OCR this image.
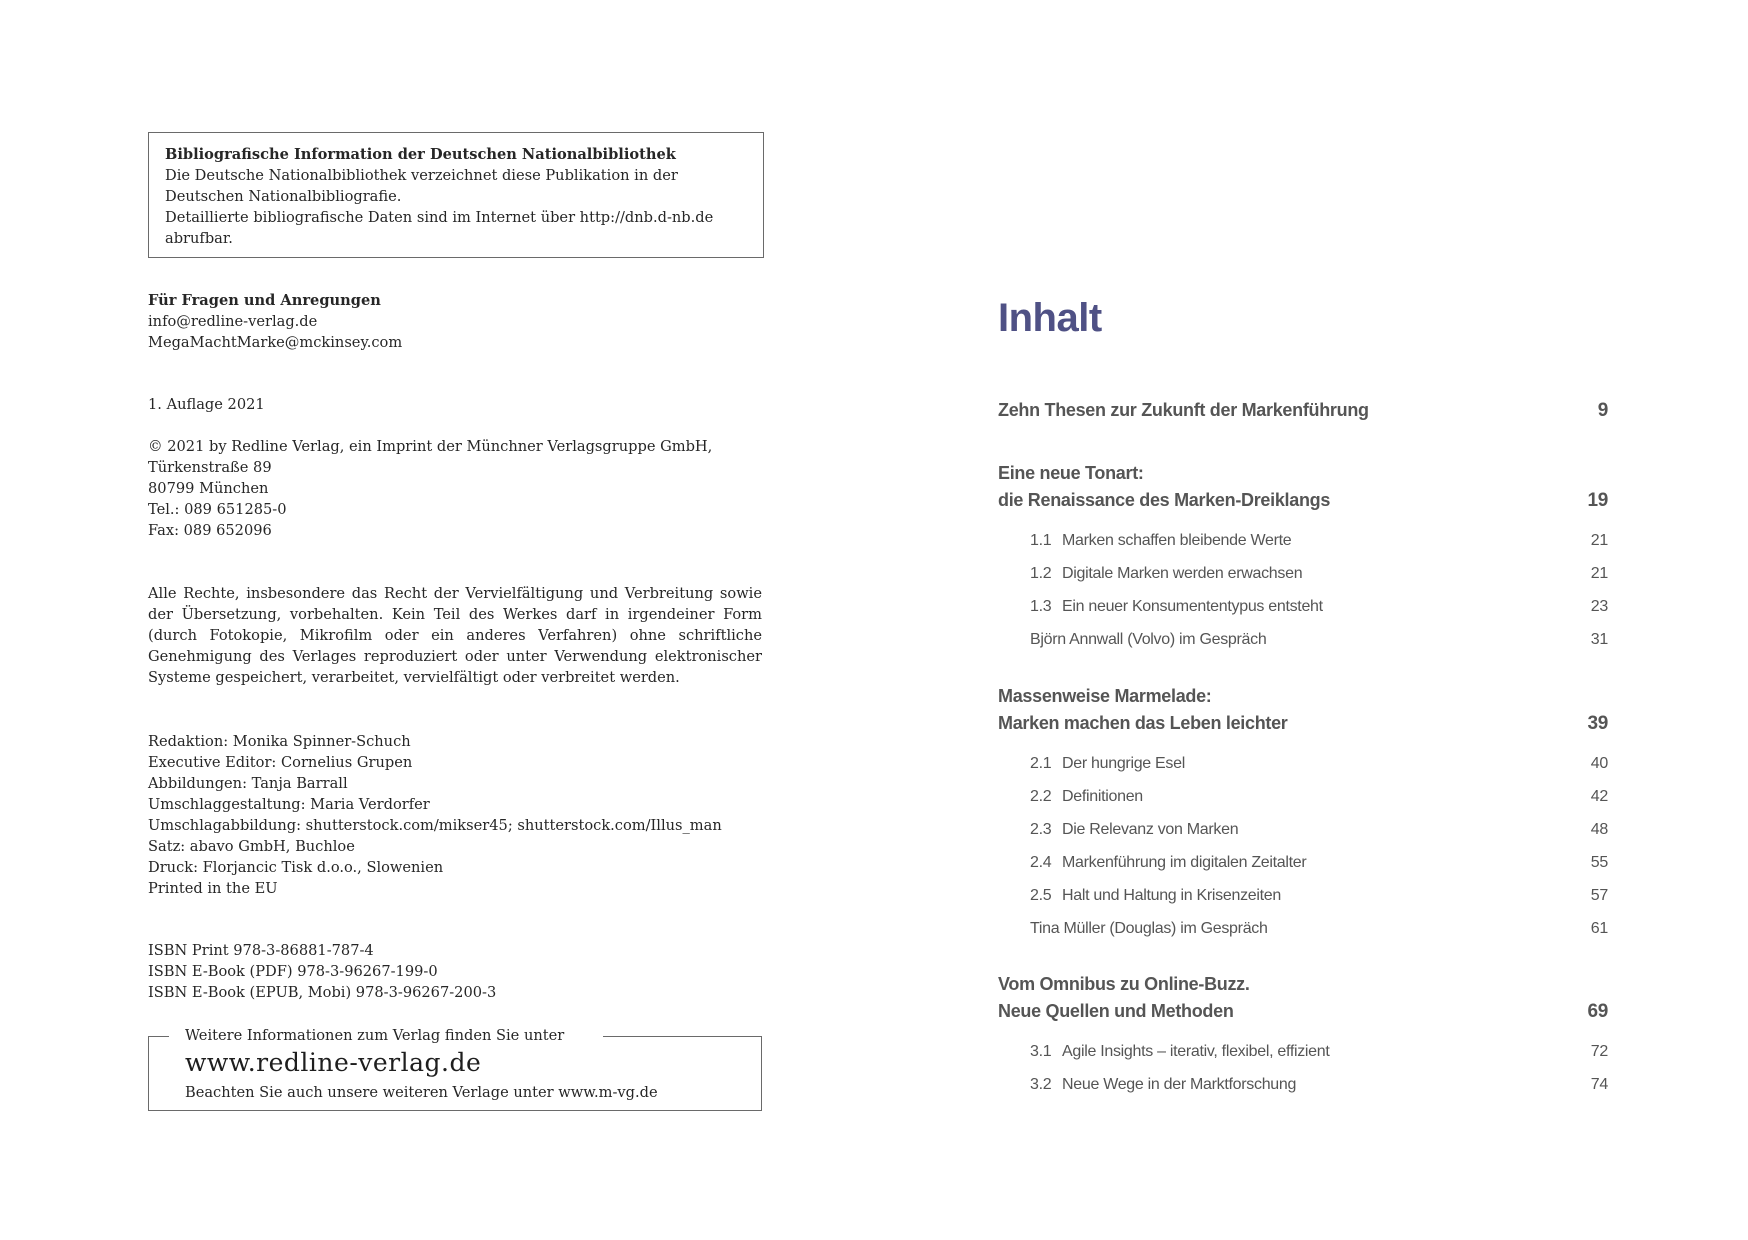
Bibliografische Information der Deutschen Nationalbibliothek
Die Deutsche Nationalbibliothek verzeichnet diese Publikation in der
Deutschen Nationalbibliografie.
Detaillierte bibliografische Daten sind im Internet über http://dnb.d-nb.de
abrufbar.
Für Fragen und Anregungen
info@redline-verlag.de
MegaMachtMarke@mckinsey.com
1. Auflage 2021
© 2021 by Redline Verlag, ein Imprint der Münchner Verlagsgruppe GmbH,
Türkenstraße 89
80799 München
Tel.: 089 651285-0
Fax: 089 652096
Alle Rechte, insbesondere das Recht der Vervielfältigung und Verbreitung sowie der Übersetzung, vorbehalten. Kein Teil des Werkes darf in irgendeiner Form (durch Fotokopie, Mikrofilm oder ein anderes Verfahren) ohne schriftliche Genehmigung des Verlages reproduziert oder unter Verwendung elektronischer Systeme gespeichert, verarbeitet, vervielfältigt oder verbreitet werden.
Redaktion: Monika Spinner-Schuch
Executive Editor: Cornelius Grupen
Abbildungen: Tanja Barrall
Umschlaggestaltung: Maria Verdorfer
Umschlagabbildung: shutterstock.com/mikser45; shutterstock.com/Illus_man
Satz: abavo GmbH, Buchloe
Druck: Florjancic Tisk d.o.o., Slowenien
Printed in the EU
ISBN Print 978-3-86881-787-4
ISBN E-Book (PDF) 978-3-96267-199-0
ISBN E-Book (EPUB, Mobi) 978-3-96267-200-3
Weitere Informationen zum Verlag finden Sie unter
www.redline-verlag.de
Beachten Sie auch unsere weiteren Verlage unter www.m-vg.de
Inhalt
Zehn Thesen zur Zukunft der Markenführung	9
Eine neue Tonart:
die Renaissance des Marken-Dreiklangs	19
1.1 Marken schaffen bleibende Werte	21
1.2 Digitale Marken werden erwachsen	21
1.3 Ein neuer Konsumententypus entsteht	23
Björn Annwall (Volvo) im Gespräch	31
Massenweise Marmelade:
Marken machen das Leben leichter	39
2.1 Der hungrige Esel	40
2.2 Definitionen	42
2.3 Die Relevanz von Marken	48
2.4 Markenführung im digitalen Zeitalter	55
2.5 Halt und Haltung in Krisenzeiten	57
Tina Müller (Douglas) im Gespräch	61
Vom Omnibus zu Online-Buzz.
Neue Quellen und Methoden	69
3.1 Agile Insights – iterativ, flexibel, effizient	72
3.2 Neue Wege in der Marktforschung	74
